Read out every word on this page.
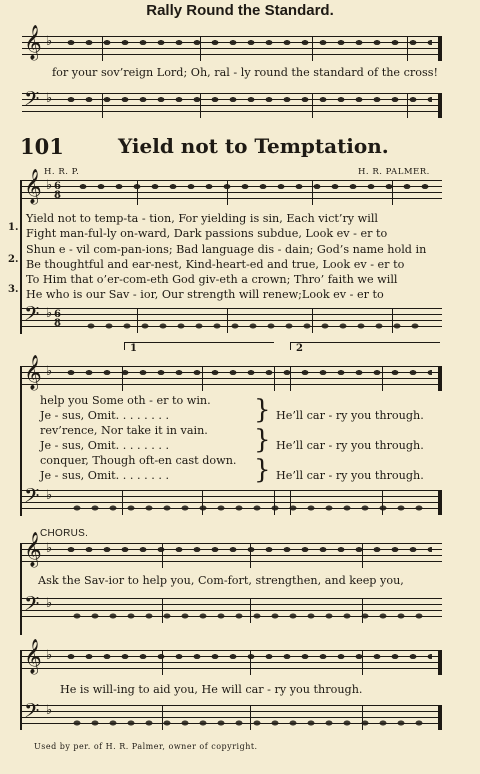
Rally Round the Standard.
𝄞 ♭
for your sov’reign Lord; Oh, ral - ly round the standard of the cross!
𝄢 ♭
101	Yield not to Temptation.
H. R. P.	H. R. PALMER.
𝄞 ♭ 6
8
1.
2.
3.
Yield not to temp-ta - tion, For yielding is sin, Each vict’ry will
Fight man-ful-ly on-ward, Dark passions subdue, Look ev - er to
Shun e - vil com-pan-ions; Bad language dis - dain; God’s name hold in
Be thoughtful and ear-nest, Kind-heart-ed and true, Look ev - er to
To Him that o’er-com-eth God giv-eth a crown; Thro’ faith we will
He who is our Sav - ior, Our strength will renew;Look ev - er to
𝄢 ♭ 6
8
1	2
𝄞 ♭
help you Some oth - er to win.
Je - sus, Omit. . . . . . . .
rev’rence, Nor take it in vain.
Je - sus, Omit. . . . . . . .
conquer, Though oft-en cast down.
Je - sus, Omit. . . . . . . .
}
}
}
He’ll car - ry you through.
He’ll car - ry you through.
He’ll car - ry you through.
𝄢 ♭
CHORUS.
𝄞 ♭
Ask the Sav-ior to help you, Com-fort, strengthen, and keep you,
𝄢 ♭
𝄞 ♭
He is will-ing to aid you, He will car - ry you through.
𝄢 ♭
Used by per. of H. R. Palmer, owner of copyright.
